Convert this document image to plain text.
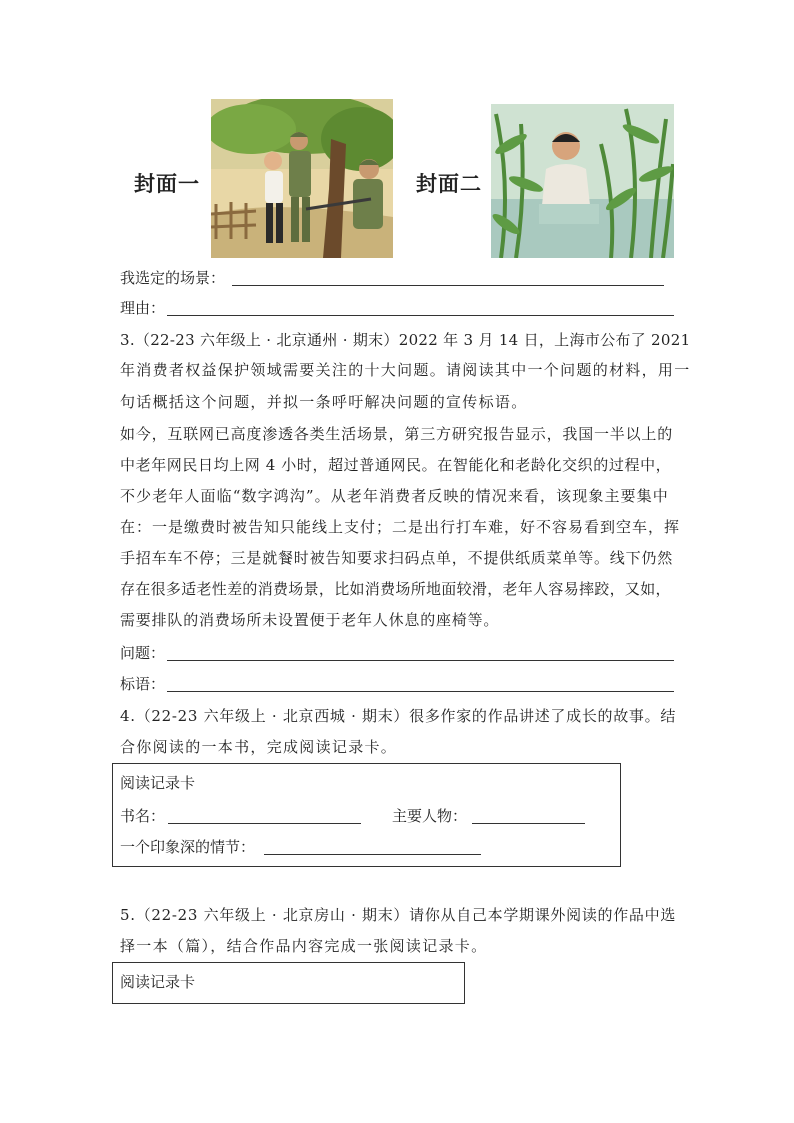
封面一	封面二
我选定的场景：
理由：
3.（22-23 六年级上 · 北京通州 · 期末）2022 年 3 月 14 日，上海市公布了 2021
年消费者权益保护领域需要关注的十大问题。请阅读其中一个问题的材料，用一
句话概括这个问题，并拟一条呼吁解决问题的宣传标语。
如今，互联网已高度渗透各类生活场景，第三方研究报告显示，我国一半以上的
中老年网民日均上网 4 小时，超过普通网民。在智能化和老龄化交织的过程中，
不少老年人面临“数字鸿沟”。从老年消费者反映的情况来看，该现象主要集中
在：一是缴费时被告知只能线上支付；二是出行打车难，好不容易看到空车，挥
手招车车不停；三是就餐时被告知要求扫码点单，不提供纸质菜单等。线下仍然
存在很多适老性差的消费场景，比如消费场所地面较滑，老年人容易摔跤，又如，
需要排队的消费场所未设置便于老年人休息的座椅等。
问题：
标语：
4.（22-23 六年级上 · 北京西城 · 期末）很多作家的作品讲述了成长的故事。结
合你阅读的一本书，完成阅读记录卡。
阅读记录卡
书名：	主要人物：
一个印象深的情节：
5.（22-23 六年级上 · 北京房山 · 期末）请你从自己本学期课外阅读的作品中选
择一本（篇），结合作品内容完成一张阅读记录卡。
阅读记录卡
